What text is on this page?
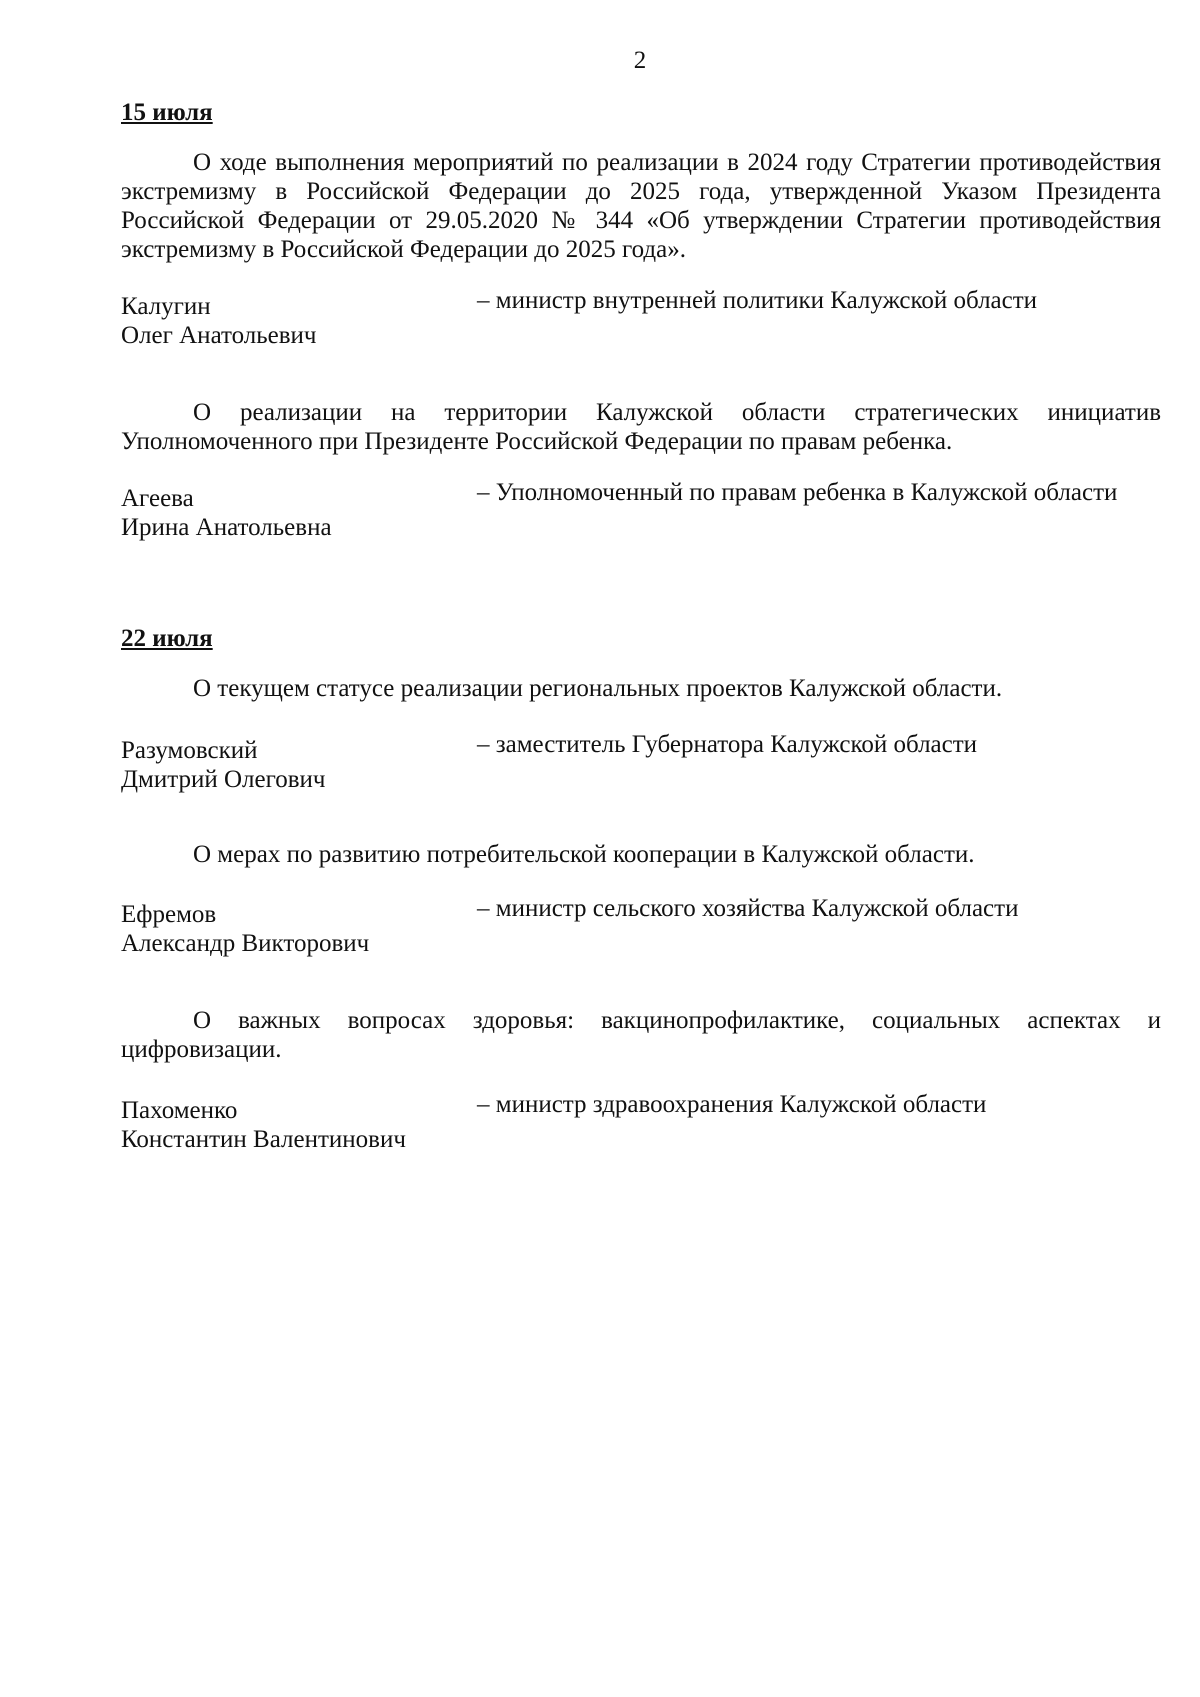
2
15 июля
О ходе выполнения мероприятий по реализации в 2024 году Стратегии противодействия экстремизму в Российской Федерации до 2025 года, утвержденной Указом Президента Российской Федерации от 29.05.2020 № 344 «Об утверждении Стратегии противодействия экстремизму в Российской Федерации до 2025 года».
Калугин
Олег Анатольевич
– министр внутренней политики Калужской области
О реализации на территории Калужской области стратегических инициатив Уполномоченного при Президенте Российской Федерации по правам ребенка.
Агеева
Ирина Анатольевна
– Уполномоченный по правам ребенка в Калужской области
22 июля
О текущем статусе реализации региональных проектов Калужской области.
Разумовский
Дмитрий Олегович
– заместитель Губернатора Калужской области
О мерах по развитию потребительской кооперации в Калужской области.
Ефремов
Александр Викторович
– министр сельского хозяйства Калужской области
О важных вопросах здоровья: вакцинопрофилактике, социальных аспектах и цифровизации.
Пахоменко
Константин Валентинович
– министр здравоохранения Калужской области
